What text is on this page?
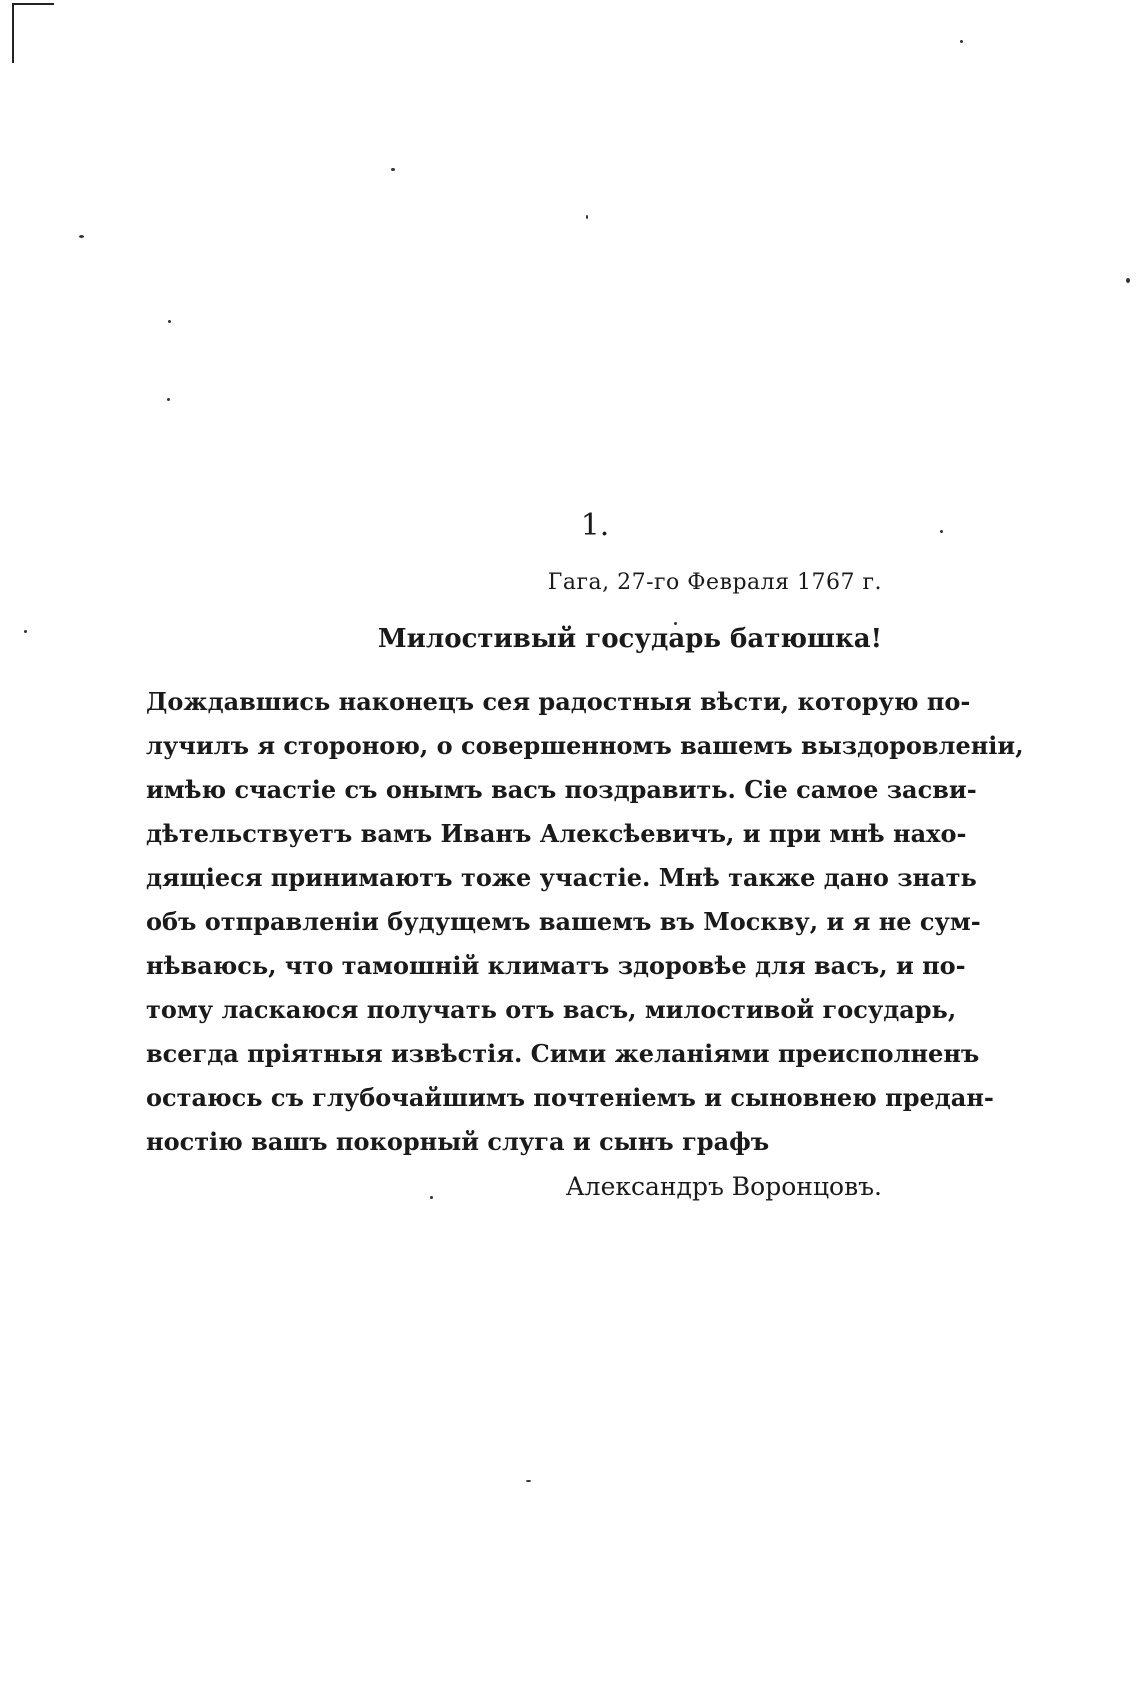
1.
Гага, 27-го Февраля 1767 г.
Милостивый государь батюшка!
Дождавшись наконецъ сея радостныя вѣсти, которую по-
лучилъ я стороною, о совершенномъ вашемъ выздоровленіи,
имѣю счастіе съ онымъ васъ поздравить. Сіе самое засви-
дѣтельствуетъ вамъ Иванъ Алексѣевичъ, и при мнѣ нахо-
дящіеся принимаютъ тоже участіе. Мнѣ также дано знать
объ отправленіи будущемъ вашемъ въ Москву, и я не сум-
нѣваюсь, что тамошній климатъ здоровѣе для васъ, и по-
тому ласкаюся получать отъ васъ, милостивой государь,
всегда пріятныя извѣстія. Сими желаніями преисполненъ
остаюсь съ глубочайшимъ почтеніемъ и сыновнею предан-
ностію вашъ покорный слуга и сынъ графъ
Александръ Воронцовъ.
